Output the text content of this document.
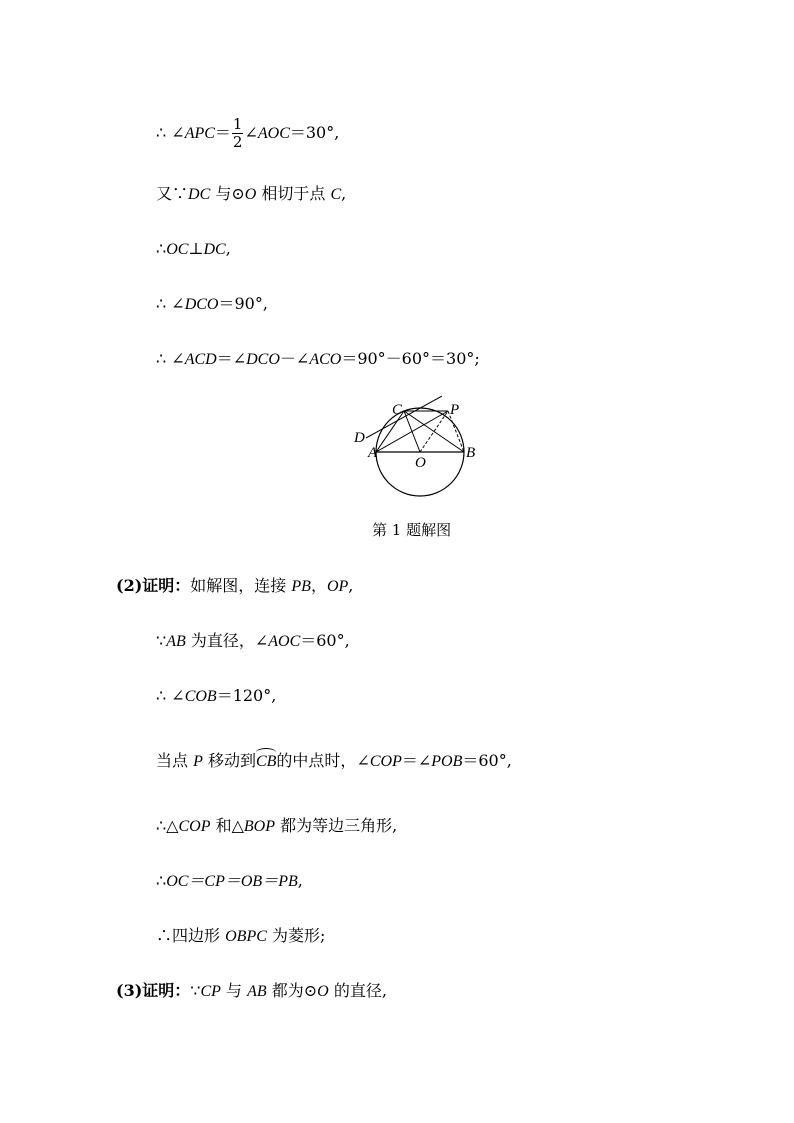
∴ ∠APC＝ $\frac{1}{2}$ ∠AOC＝30°,
又∵DC 与⊙O 相切于点 C,
∴OC⊥DC,
∴ ∠DCO＝90°,
∴ ∠ACD＝∠DCO－∠ACO＝90°－60°＝30°;
C	P
D
A
O
B
第 1 题解图
(2)证明：如解图，连接 PB，OP,
∵AB 为直径，∠AOC＝60°,
∴ ∠COB＝120°,
当点 P 移动到
CB的中点时，∠COP＝∠POB＝60°,
∴△COP 和△BOP 都为等边三角形,
∴OC＝CP＝OB＝PB,
∴四边形 OBPC 为菱形;
(3)证明：∵CP 与 AB 都为⊙O 的直径,
